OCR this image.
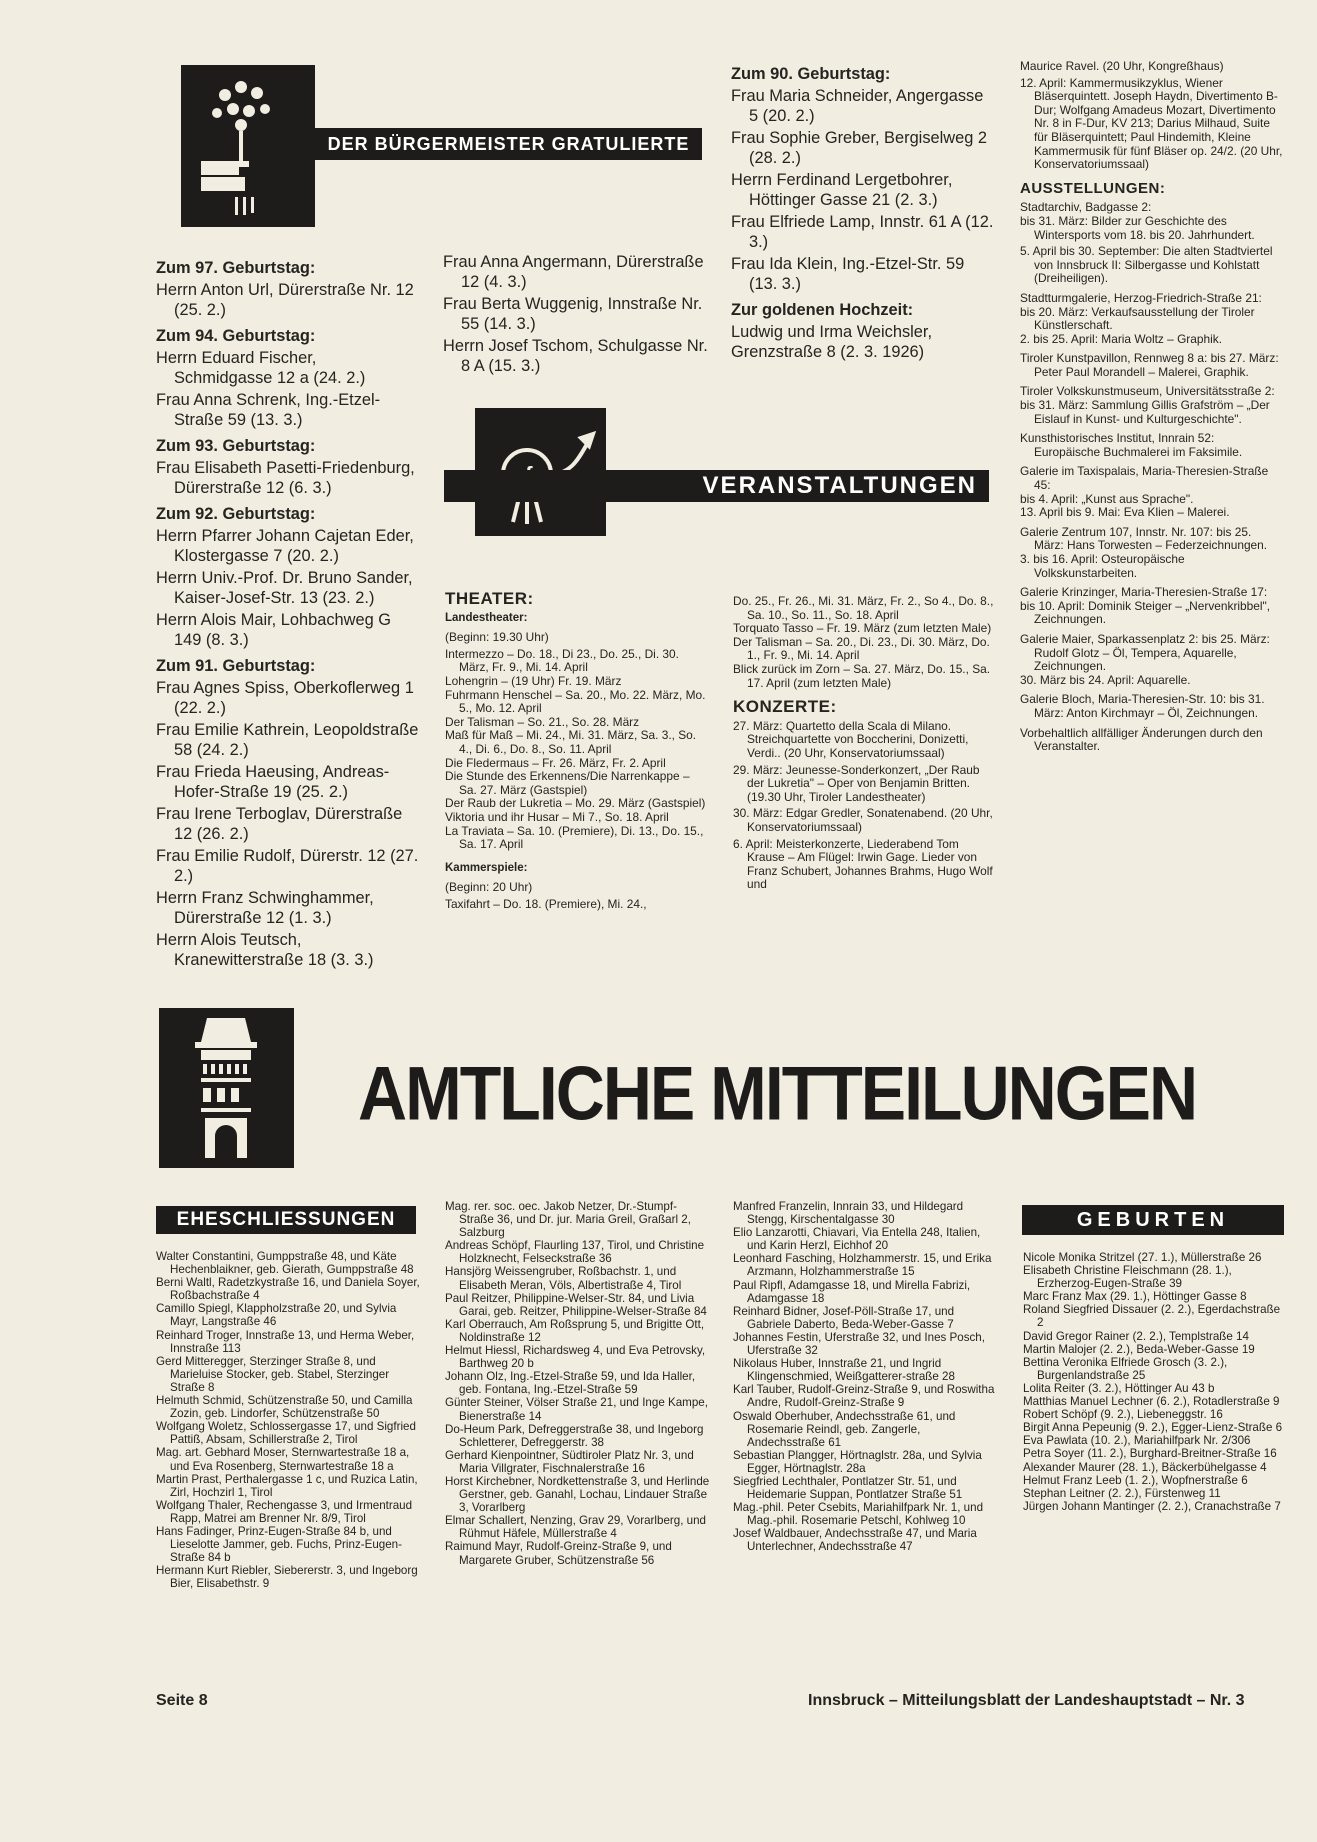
DER BÜRGERMEISTER GRATULIERTE
Zum 97. Geburtstag:
Herrn Anton Url, Dürerstraße Nr. 12 (25. 2.)
Zum 94. Geburtstag:
Herrn Eduard Fischer, Schmidgasse 12 a (24. 2.)
Frau Anna Schrenk, Ing.-Etzel-Straße 59 (13. 3.)
Zum 93. Geburtstag:
Frau Elisabeth Pasetti-Friedenburg, Dürerstraße 12 (6. 3.)
Zum 92. Geburtstag:
Herrn Pfarrer Johann Cajetan Eder, Klostergasse 7 (20. 2.)
Herrn Univ.-Prof. Dr. Bruno Sander, Kaiser-Josef-Str. 13 (23. 2.)
Herrn Alois Mair, Lohbachweg G 149 (8. 3.)
Zum 91. Geburtstag:
Frau Agnes Spiss, Oberkoflerweg 1 (22. 2.)
Frau Emilie Kathrein, Leopoldstraße 58 (24. 2.)
Frau Frieda Haeusing, Andreas-Hofer-Straße 19 (25. 2.)
Frau Irene Terboglav, Dürerstraße 12 (26. 2.)
Frau Emilie Rudolf, Dürerstr. 12 (27. 2.)
Herrn Franz Schwinghammer, Dürerstraße 12 (1. 3.)
Herrn Alois Teutsch, Kranewitterstraße 18 (3. 3.)
Frau Anna Angermann, Dürerstraße 12 (4. 3.)
Frau Berta Wuggenig, Innstraße Nr. 55 (14. 3.)
Herrn Josef Tschom, Schulgasse Nr. 8 A (15. 3.)
Zum 90. Geburtstag:
Frau Maria Schneider, Angergasse 5 (20. 2.)
Frau Sophie Greber, Bergiselweg 2 (28. 2.)
Herrn Ferdinand Lergetbohrer, Höttinger Gasse 21 (2. 3.)
Frau Elfriede Lamp, Innstr. 61 A (12. 3.)
Frau Ida Klein, Ing.-Etzel-Str. 59 (13. 3.)
Zur goldenen Hochzeit:
Ludwig und Irma Weichsler, Grenzstraße 8 (2. 3. 1926)
Maurice Ravel. (20 Uhr, Kongreßhaus)
12. April: Kammermusikzyklus, Wiener Bläserquintett. Joseph Haydn, Divertimento B-Dur; Wolfgang Amadeus Mozart, Divertimento Nr. 8 in F-Dur, KV 213; Darius Milhaud, Suite für Bläserquintett; Paul Hindemith, Kleine Kammermusik für fünf Bläser op. 24/2. (20 Uhr, Konservatoriumssaal)
AUSSTELLUNGEN:
Stadtarchiv, Badgasse 2:
bis 31. März: Bilder zur Geschichte des Wintersports vom 18. bis 20. Jahrhundert.
5. April bis 30. September: Die alten Stadtviertel von Innsbruck II: Silbergasse und Kohlstatt (Dreiheiligen).
Stadtturmgalerie, Herzog-Friedrich-Straße 21:
bis 20. März: Verkaufsausstellung der Tiroler Künstlerschaft.
2. bis 25. April: Maria Woltz – Graphik.
Tiroler Kunstpavillon, Rennweg 8 a: bis 27. März: Peter Paul Morandell – Malerei, Graphik.
Tiroler Volkskunstmuseum, Universitätsstraße 2:
bis 31. März: Sammlung Gillis Grafström – „Der Eislauf in Kunst- und Kulturgeschichte".
Kunsthistorisches Institut, Innrain 52: Europäische Buchmalerei im Faksimile.
Galerie im Taxispalais, Maria-Theresien-Straße 45:
bis 4. April: „Kunst aus Sprache".
13. April bis 9. Mai: Eva Klien – Malerei.
Galerie Zentrum 107, Innstr. Nr. 107: bis 25. März: Hans Torwesten – Federzeichnungen.
3. bis 16. April: Osteuropäische Volkskunstarbeiten.
Galerie Krinzinger, Maria-Theresien-Straße 17:
bis 10. April: Dominik Steiger – „Nervenkribbel", Zeichnungen.
Galerie Maier, Sparkassenplatz 2: bis 25. März: Rudolf Glotz – Öl, Tempera, Aquarelle, Zeichnungen.
30. März bis 24. April: Aquarelle.
Galerie Bloch, Maria-Theresien-Str. 10: bis 31. März: Anton Kirchmayr – Öl, Zeichnungen.
Vorbehaltlich allfälliger Änderungen durch den Veranstalter.
VERANSTALTUNGEN
THEATER:
Landestheater:
(Beginn: 19.30 Uhr)
Intermezzo – Do. 18., Di 23., Do. 25., Di. 30. März, Fr. 9., Mi. 14. April
Lohengrin – (19 Uhr) Fr. 19. März
Fuhrmann Henschel – Sa. 20., Mo. 22. März, Mo. 5., Mo. 12. April
Der Talisman – So. 21., So. 28. März
Maß für Maß – Mi. 24., Mi. 31. März, Sa. 3., So. 4., Di. 6., Do. 8., So. 11. April
Die Fledermaus – Fr. 26. März, Fr. 2. April
Die Stunde des Erkennens/Die Narrenkappe – Sa. 27. März (Gastspiel)
Der Raub der Lukretia – Mo. 29. März (Gastspiel)
Viktoria und ihr Husar – Mi 7., So. 18. April
La Traviata – Sa. 10. (Premiere), Di. 13., Do. 15., Sa. 17. April
Kammerspiele:
(Beginn: 20 Uhr)
Taxifahrt – Do. 18. (Premiere), Mi. 24.,
Do. 25., Fr. 26., Mi. 31. März, Fr. 2., So 4., Do. 8., Sa. 10., So. 11., So. 18. April
Torquato Tasso – Fr. 19. März (zum letzten Male)
Der Talisman – Sa. 20., Di. 23., Di. 30. März, Do. 1., Fr. 9., Mi. 14. April
Blick zurück im Zorn – Sa. 27. März, Do. 15., Sa. 17. April (zum letzten Male)
KONZERTE:
27. März: Quartetto della Scala di Milano. Streichquartette von Boccherini, Donizetti, Verdi.. (20 Uhr, Konservatoriumssaal)
29. März: Jeunesse-Sonderkonzert, „Der Raub der Lukretia" – Oper von Benjamin Britten. (19.30 Uhr, Tiroler Landestheater)
30. März: Edgar Gredler, Sonatenabend. (20 Uhr, Konservatoriumssaal)
6. April: Meisterkonzerte, Liederabend Tom Krause – Am Flügel: Irwin Gage. Lieder von Franz Schubert, Johannes Brahms, Hugo Wolf und
AMTLICHE MITTEILUNGEN
EHESCHLIESSUNGEN	GEBURTEN
Walter Constantini, Gumppstraße 48, und Käte Hechenblaikner, geb. Gierath, Gumppstraße 48
Berni Waltl, Radetzkystraße 16, und Daniela Soyer, Roßbachstraße 4
Camillo Spiegl, Klappholzstraße 20, und Sylvia Mayr, Langstraße 46
Reinhard Troger, Innstraße 13, und Herma Weber, Innstraße 113
Gerd Mitteregger, Sterzinger Straße 8, und Marieluise Stocker, geb. Stabel, Sterzinger Straße 8
Helmuth Schmid, Schützenstraße 50, und Camilla Zozin, geb. Lindorfer, Schützenstraße 50
Wolfgang Woletz, Schlossergasse 17, und Sigfried Pattiß, Absam, Schillerstraße 2, Tirol
Mag. art. Gebhard Moser, Sternwartestraße 18 a, und Eva Rosenberg, Sternwartestraße 18 a
Martin Prast, Perthalergasse 1 c, und Ruzica Latin, Zirl, Hochzirl 1, Tirol
Wolfgang Thaler, Rechengasse 3, und Irmentraud Rapp, Matrei am Brenner Nr. 8/9, Tirol
Hans Fadinger, Prinz-Eugen-Straße 84 b, und Lieselotte Jammer, geb. Fuchs, Prinz-Eugen-Straße 84 b
Hermann Kurt Riebler, Siebererstr. 3, und Ingeborg Bier, Elisabethstr. 9
Mag. rer. soc. oec. Jakob Netzer, Dr.-Stumpf-Straße 36, und Dr. jur. Maria Greil, Graßarl 2, Salzburg
Andreas Schöpf, Flaurling 137, Tirol, und Christine Holzknecht, Felseckstraße 36
Hansjörg Weissengruber, Roßbachstr. 1, und Elisabeth Meran, Völs, Albertistraße 4, Tirol
Paul Reitzer, Philippine-Welser-Str. 84, und Livia Garai, geb. Reitzer, Philippine-Welser-Straße 84
Karl Oberrauch, Am Roßsprung 5, und Brigitte Ott, Noldinstraße 12
Helmut Hiessl, Richardsweg 4, und Eva Petrovsky, Barthweg 20 b
Johann Olz, Ing.-Etzel-Straße 59, und Ida Haller, geb. Fontana, Ing.-Etzel-Straße 59
Günter Steiner, Völser Straße 21, und Inge Kampe, Bienerstraße 14
Do-Heum Park, Defreggerstraße 38, und Ingeborg Schletterer, Defreggerstr. 38
Gerhard Kienpointner, Südtiroler Platz Nr. 3, und Maria Villgrater, Fischnalerstraße 16
Horst Kirchebner, Nordkettenstraße 3, und Herlinde Gerstner, geb. Ganahl, Lochau, Lindauer Straße 3, Vorarlberg
Elmar Schallert, Nenzing, Grav 29, Vorarlberg, und Rühmut Häfele, Müllerstraße 4
Raimund Mayr, Rudolf-Greinz-Straße 9, und Margarete Gruber, Schützenstraße 56
Manfred Franzelin, Innrain 33, und Hildegard Stengg, Kirschentalgasse 30
Elio Lanzarotti, Chiavari, Via Entella 248, Italien, und Karin Herzl, Eichhof 20
Leonhard Fasching, Holzhammerstr. 15, und Erika Arzmann, Holzhammerstraße 15
Paul Ripfl, Adamgasse 18, und Mirella Fabrizi, Adamgasse 18
Reinhard Bidner, Josef-Pöll-Straße 17, und Gabriele Daberto, Beda-Weber-Gasse 7
Johannes Festin, Uferstraße 32, und Ines Posch, Uferstraße 32
Nikolaus Huber, Innstraße 21, und Ingrid Klingenschmied, Weißgatterer-straße 28
Karl Tauber, Rudolf-Greinz-Straße 9, und Roswitha Andre, Rudolf-Greinz-Straße 9
Oswald Oberhuber, Andechsstraße 61, und Rosemarie Reindl, geb. Zangerle, Andechsstraße 61
Sebastian Plangger, Hörtnaglstr. 28a, und Sylvia Egger, Hörtnaglstr. 28a
Siegfried Lechthaler, Pontlatzer Str. 51, und Heidemarie Suppan, Pontlatzer Straße 51
Mag.-phil. Peter Csebits, Mariahilfpark Nr. 1, und Mag.-phil. Rosemarie Petschl, Kohlweg 10
Josef Waldbauer, Andechsstraße 47, und Maria Unterlechner, Andechsstraße 47
Nicole Monika Stritzel (27. 1.), Müllerstraße 26
Elisabeth Christine Fleischmann (28. 1.), Erzherzog-Eugen-Straße 39
Marc Franz Max (29. 1.), Höttinger Gasse 8
Roland Siegfried Dissauer (2. 2.), Egerdachstraße 2
David Gregor Rainer (2. 2.), Templstraße 14
Martin Malojer (2. 2.), Beda-Weber-Gasse 19
Bettina Veronika Elfriede Grosch (3. 2.), Burgenlandstraße 25
Lolita Reiter (3. 2.), Höttinger Au 43 b
Matthias Manuel Lechner (6. 2.), Rotadlerstraße 9
Robert Schöpf (9. 2.), Liebeneggstr. 16
Birgit Anna Pepeunig (9. 2.), Egger-Lienz-Straße 6
Eva Pawlata (10. 2.), Mariahilfpark Nr. 2/306
Petra Soyer (11. 2.), Burghard-Breitner-Straße 16
Alexander Maurer (28. 1.), Bäckerbühelgasse 4
Helmut Franz Leeb (1. 2.), Wopfnerstraße 6
Stephan Leitner (2. 2.), Fürstenweg 11
Jürgen Johann Mantinger (2. 2.), Cranachstraße 7
Seite 8	Innsbruck – Mitteilungsblatt der Landeshauptstadt – Nr. 3
